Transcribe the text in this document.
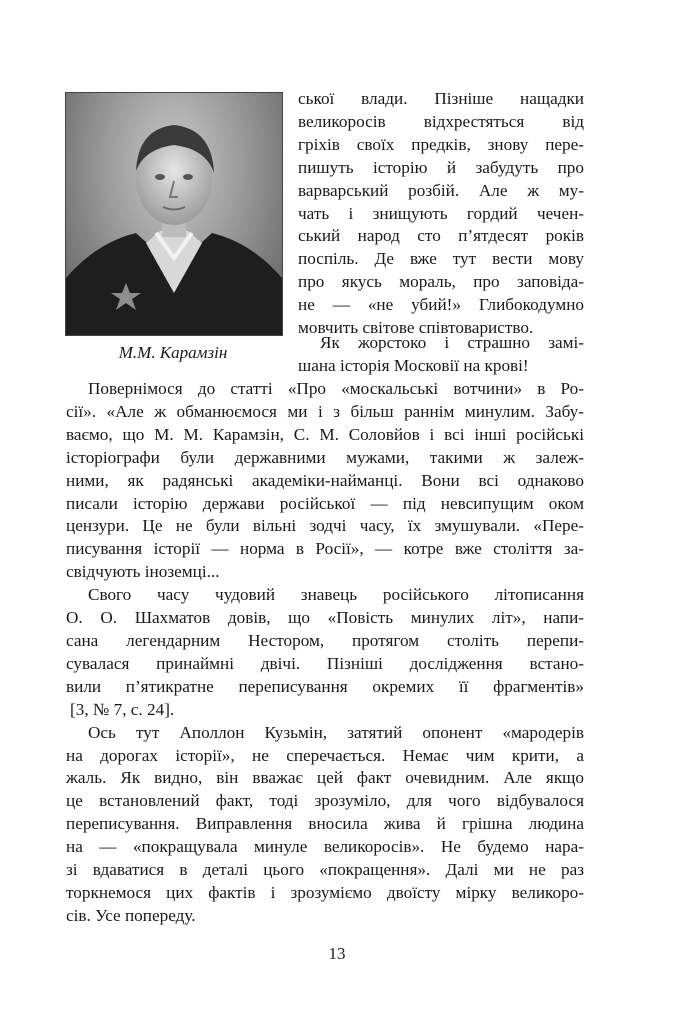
М.М. Карамзін
ської влади. Пізніше нащадки
великоросів відхрестяться від
гріхів своїх предків, знову пере-
пишуть історію й забудуть про
варварський розбій. Але ж му-
чать і знищують гордий чечен-
ський народ сто п’ятдесят років
поспіль. Де вже тут вести мову
про якусь мораль, про заповіда-
не — «не убий!» Глибокодумно
мовчить світове співтовариство.
Як жорстоко і страшно замі-
шана історія Московії на крові!
Повернімося до статті «Про «москальські вотчини» в Ро-
сії». «Але ж обманюємося ми і з більш раннім минулим. Забу-
ваємо, що М. М. Карамзін, С. М. Соловйов і всі інші російські
історіографи були державними мужами, такими ж залеж-
ними, як радянські академіки-найманці. Вони всі однаково
писали історію держави російської — під невсипущим оком
цензури. Це не були вільні зодчі часу, їх змушували. «Пере-
писування історії — норма в Росії», — котре вже століття за-
свідчують іноземці...
Свого часу чудовий знавець російського літописання
О. О. Шахматов довів, що «Повість минулих літ», напи-
сана легендарним Нестором, протягом століть перепи-
сувалася принаймні двічі. Пізніші дослідження встано-
вили п’ятикратне переписування окремих її фрагментів»
[3, № 7, с. 24].
Ось тут Аполлон Кузьмін, затятий опонент «мародерів
на дорогах історії», не сперечається. Немає чим крити, а
жаль. Як видно, він вважає цей факт очевидним. Але якщо
це встановлений факт, тоді зрозуміло, для чого відбувалося
переписування. Виправлення вносила жива й грішна людина
на — «покращувала минуле великоросів». Не будемо нара-
зі вдаватися в деталі цього «покращення». Далі ми не раз
торкнемося цих фактів і зрозуміємо двоїсту мірку великоро-
сів. Усе попереду.
13
